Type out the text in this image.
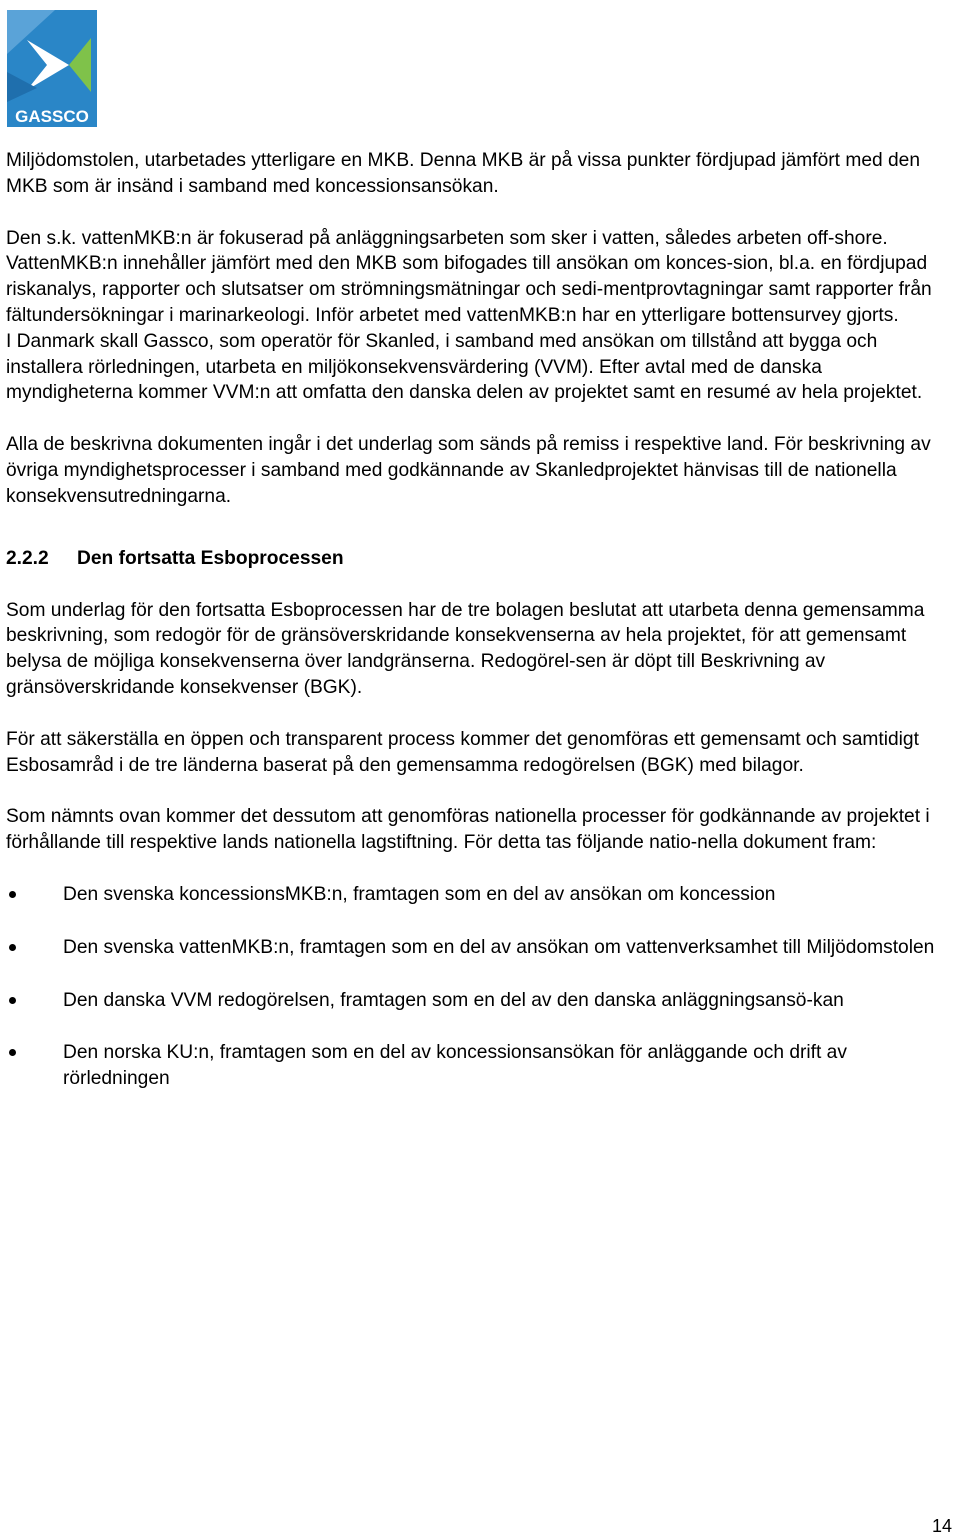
GASSCO

Miljödomstolen, utarbetades ytterligare en MKB. Denna MKB är på vissa punkter fördjupad jämfört med den MKB som är insänd i samband med koncessionsansökan.

Den s.k. vattenMKB:n är fokuserad på anläggningsarbeten som sker i vatten, således arbeten off-shore. VattenMKB:n innehåller jämfört med den MKB som bifogades till ansökan om konces-sion, bl.a. en fördjupad riskanalys, rapporter och slutsatser om strömningsmätningar och sedi-mentprovtagningar samt rapporter från fältundersökningar i marinarkeologi. Inför arbetet med vattenMKB:n har en ytterligare bottensurvey gjorts.

I Danmark skall Gassco, som operatör för Skanled, i samband med ansökan om tillstånd att bygga och installera rörledningen, utarbeta en miljökonsekvensvärdering (VVM). Efter avtal med de danska myndigheterna kommer VVM:n att omfatta den danska delen av projektet samt en resumé av hela projektet.

Alla de beskrivna dokumenten ingår i det underlag som sänds på remiss i respektive land. För beskrivning av övriga myndighetsprocesser i samband med godkännande av Skanledprojektet hänvisas till de nationella konsekvensutredningarna.

2.2.2 Den fortsatta Esboprocessen

Som underlag för den fortsatta Esboprocessen har de tre bolagen beslutat att utarbeta denna gemensamma beskrivning, som redogör för de gränsöverskridande konsekvenserna av hela projektet, för att gemensamt belysa de möjliga konsekvenserna över landgränserna. Redogörel-sen är döpt till Beskrivning av gränsöverskridande konsekvenser (BGK).

För att säkerställa en öppen och transparent process kommer det genomföras ett gemensamt och samtidigt Esbosamråd i de tre länderna baserat på den gemensamma redogörelsen (BGK) med bilagor.

Som nämnts ovan kommer det dessutom att genomföras nationella processer för godkännande av projektet i förhållande till respektive lands nationella lagstiftning. För detta tas följande natio-nella dokument fram:

Den svenska koncessionsMKB:n, framtagen som en del av ansökan om koncession
Den svenska vattenMKB:n, framtagen som en del av ansökan om vattenverksamhet till Miljödomstolen
Den danska VVM redogörelsen, framtagen som en del av den danska anläggningsansö-kan
Den norska KU:n, framtagen som en del av koncessionsansökan för anläggande och drift av rörledningen
14
